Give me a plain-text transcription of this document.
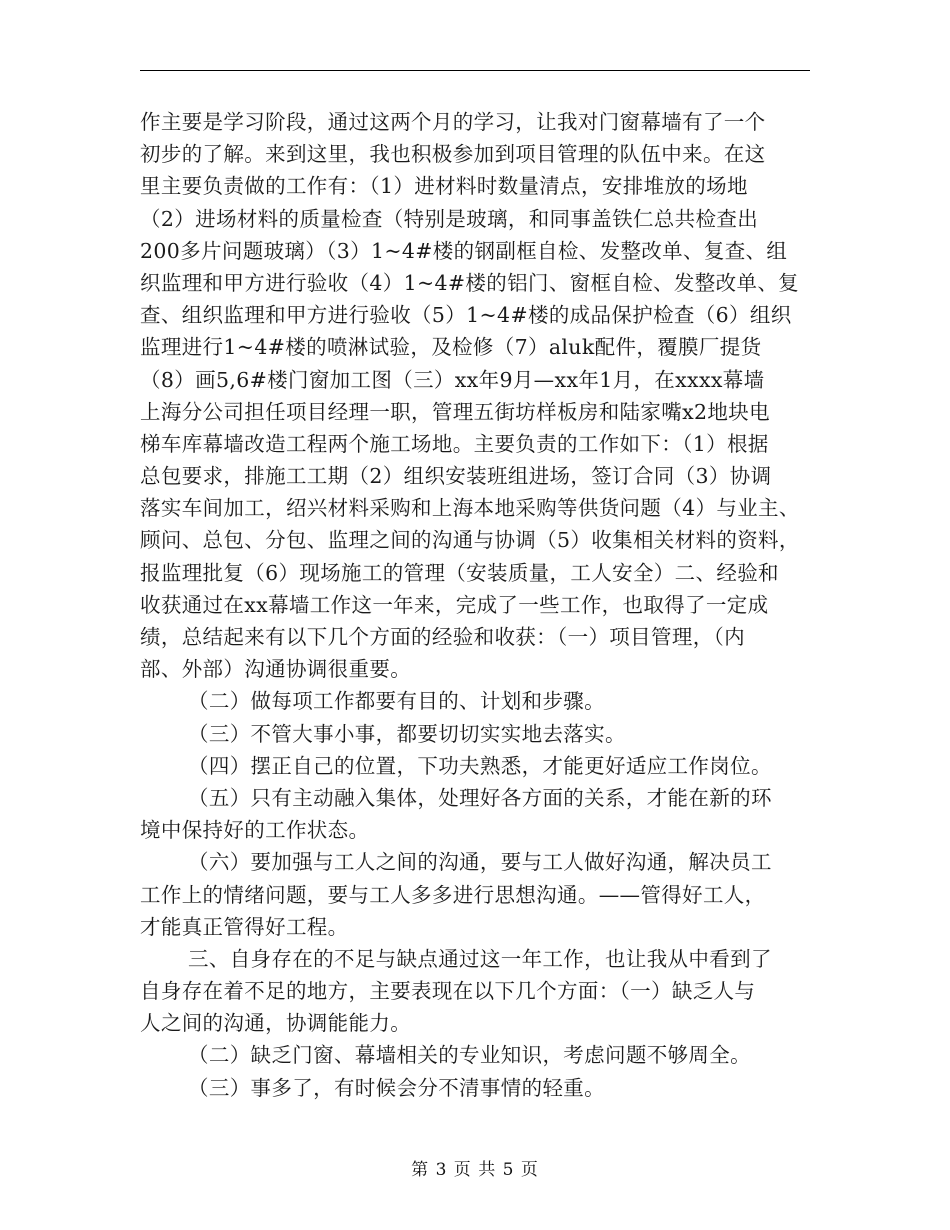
作主要是学习阶段，通过这两个月的学习，让我对门窗幕墙有了一个
初步的了解。来到这里，我也积极参加到项目管理的队伍中来。在这
里主要负责做的工作有：（1）进材料时数量清点，安排堆放的场地
（2）进场材料的质量检查（特别是玻璃，和同事盖铁仁总共检查出
200多片问题玻璃）（3）1~4#楼的钢副框自检、发整改单、复查、组
织监理和甲方进行验收（4）1~4#楼的铝门、窗框自检、发整改单、复
查、组织监理和甲方进行验收（5）1~4#楼的成品保护检查（6）组织
监理进行1~4#楼的喷淋试验，及检修（7）aluk配件，覆膜厂提货
（8）画5,6#楼门窗加工图（三）xx年9月—xx年1月，在xxxx幕墙
上海分公司担任项目经理一职，管理五街坊样板房和陆家嘴x2地块电
梯车库幕墙改造工程两个施工场地。主要负责的工作如下：（1）根据
总包要求，排施工工期（2）组织安装班组进场，签订合同（3）协调
落实车间加工，绍兴材料采购和上海本地采购等供货问题（4）与业主、
顾问、总包、分包、监理之间的沟通与协调（5）收集相关材料的资料，
报监理批复（6）现场施工的管理（安装质量，工人安全）二、经验和
收获通过在xx幕墙工作这一年来，完成了一些工作，也取得了一定成
绩，总结起来有以下几个方面的经验和收获：（一）项目管理，（内
部、外部）沟通协调很重要。
（二）做每项工作都要有目的、计划和步骤。
（三）不管大事小事，都要切切实实地去落实。
（四）摆正自己的位置，下功夫熟悉，才能更好适应工作岗位。
（五）只有主动融入集体，处理好各方面的关系，才能在新的环
境中保持好的工作状态。
（六）要加强与工人之间的沟通，要与工人做好沟通，解决员工
工作上的情绪问题，要与工人多多进行思想沟通。——管得好工人，
才能真正管得好工程。
三、自身存在的不足与缺点通过这一年工作，也让我从中看到了
自身存在着不足的地方，主要表现在以下几个方面：（一）缺乏人与
人之间的沟通，协调能能力。
（二）缺乏门窗、幕墙相关的专业知识，考虑问题不够周全。
（三）事多了，有时候会分不清事情的轻重。
第 3 页 共 5 页
